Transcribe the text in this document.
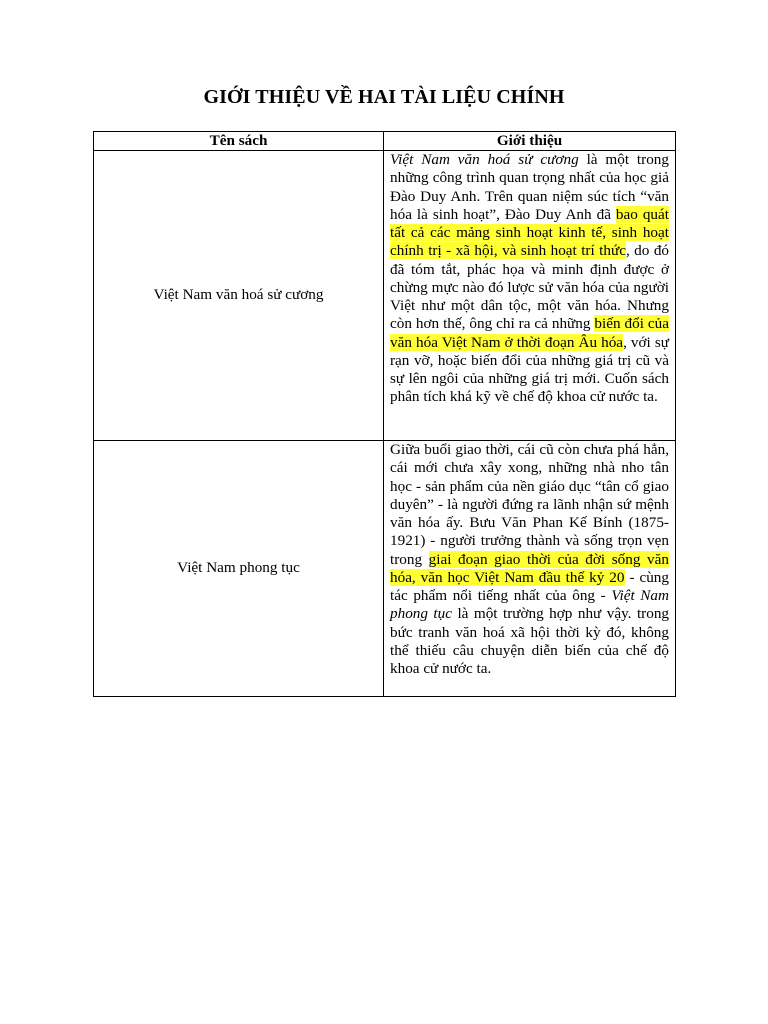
GIỚI THIỆU VỀ HAI TÀI LIỆU CHÍNH
Tên sách	Giới thiệu
Việt Nam văn hoá sử cương	Việt Nam văn hoá sử cương là một trong những công trình quan trọng nhất của học giả Đào Duy Anh. Trên quan niệm súc tích “văn hóa là sinh hoạt”, Đào Duy Anh đã bao quát tất cả các mảng sinh hoạt kinh tế, sinh hoạt chính trị - xã hội, và sinh hoạt trí thức, do đó đã tóm tắt, phác họa và minh định được ở chừng mực nào đó lược sử văn hóa của người Việt như một dân tộc, một văn hóa. Nhưng còn hơn thế, ông chỉ ra cả những biến đổi của văn hóa Việt Nam ở thời đoạn Âu hóa, với sự rạn vỡ, hoặc biến đổi của những giá trị cũ và sự lên ngôi của những giá trị mới. Cuốn sách phân tích khá kỹ về chế độ khoa cử nước ta.
Việt Nam phong tục	Giữa buổi giao thời, cái cũ còn chưa phá hẳn, cái mới chưa xây xong, những nhà nho tân học - sản phẩm của nền giáo dục “tân cổ giao duyên” - là người đứng ra lãnh nhận sứ mệnh văn hóa ấy. Bưu Văn Phan Kế Bính (1875-1921) - người trưởng thành và sống trọn vẹn trong giai đoạn giao thời của đời sống văn hóa, văn học Việt Nam đầu thế kỷ 20 - cùng tác phẩm nổi tiếng nhất của ông - Việt Nam phong tục là một trường hợp như vậy. trong bức tranh văn hoá xã hội thời kỳ đó, không thể thiếu câu chuyện diễn biến của chế độ khoa cử nước ta.
